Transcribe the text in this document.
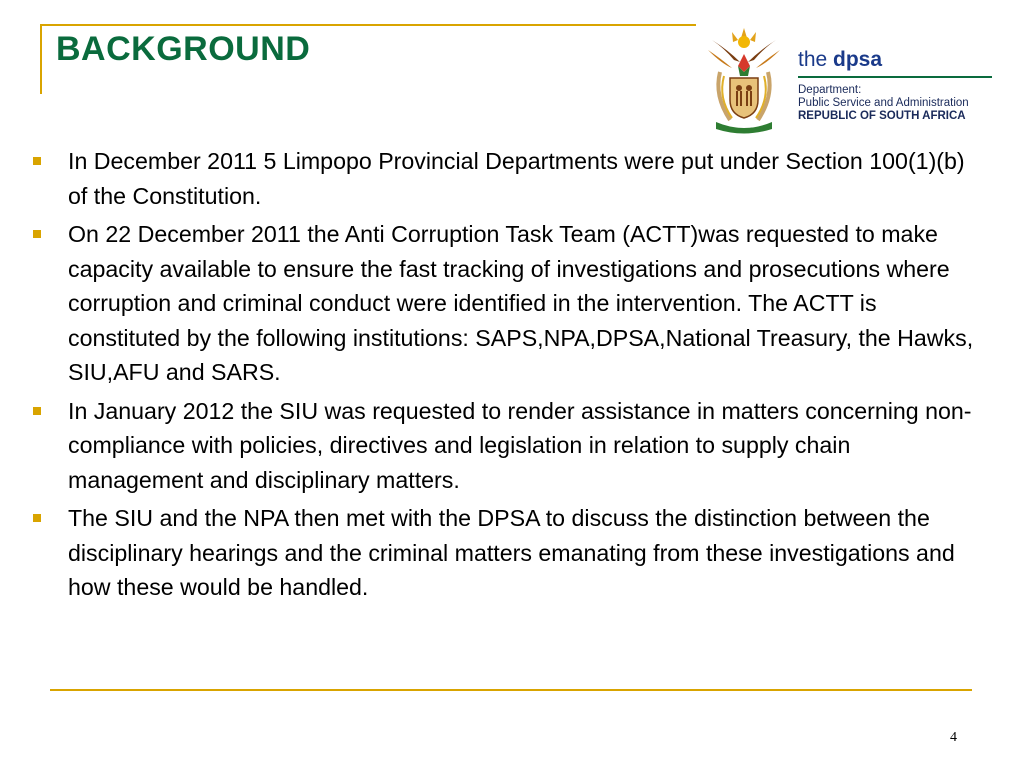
BACKGROUND	the dpsa
Department:
Public Service and Administration
REPUBLIC OF SOUTH AFRICA
In December 2011 5 Limpopo Provincial Departments were put under Section 100(1)(b) of the Constitution.
On 22 December 2011 the Anti Corruption Task Team (ACTT)was requested to make capacity available to ensure the fast tracking of investigations and prosecutions where corruption and criminal conduct were identified in the intervention. The ACTT is constituted by the following institutions: SAPS,NPA,DPSA,National Treasury, the Hawks, SIU,AFU and SARS.
In January 2012 the SIU was requested to render assistance in matters concerning non-compliance with policies, directives and legislation in relation to supply chain management and disciplinary matters.
The SIU and the NPA then met with the DPSA to discuss the distinction between the disciplinary hearings and the criminal matters emanating from these investigations and how these would be handled.
4
